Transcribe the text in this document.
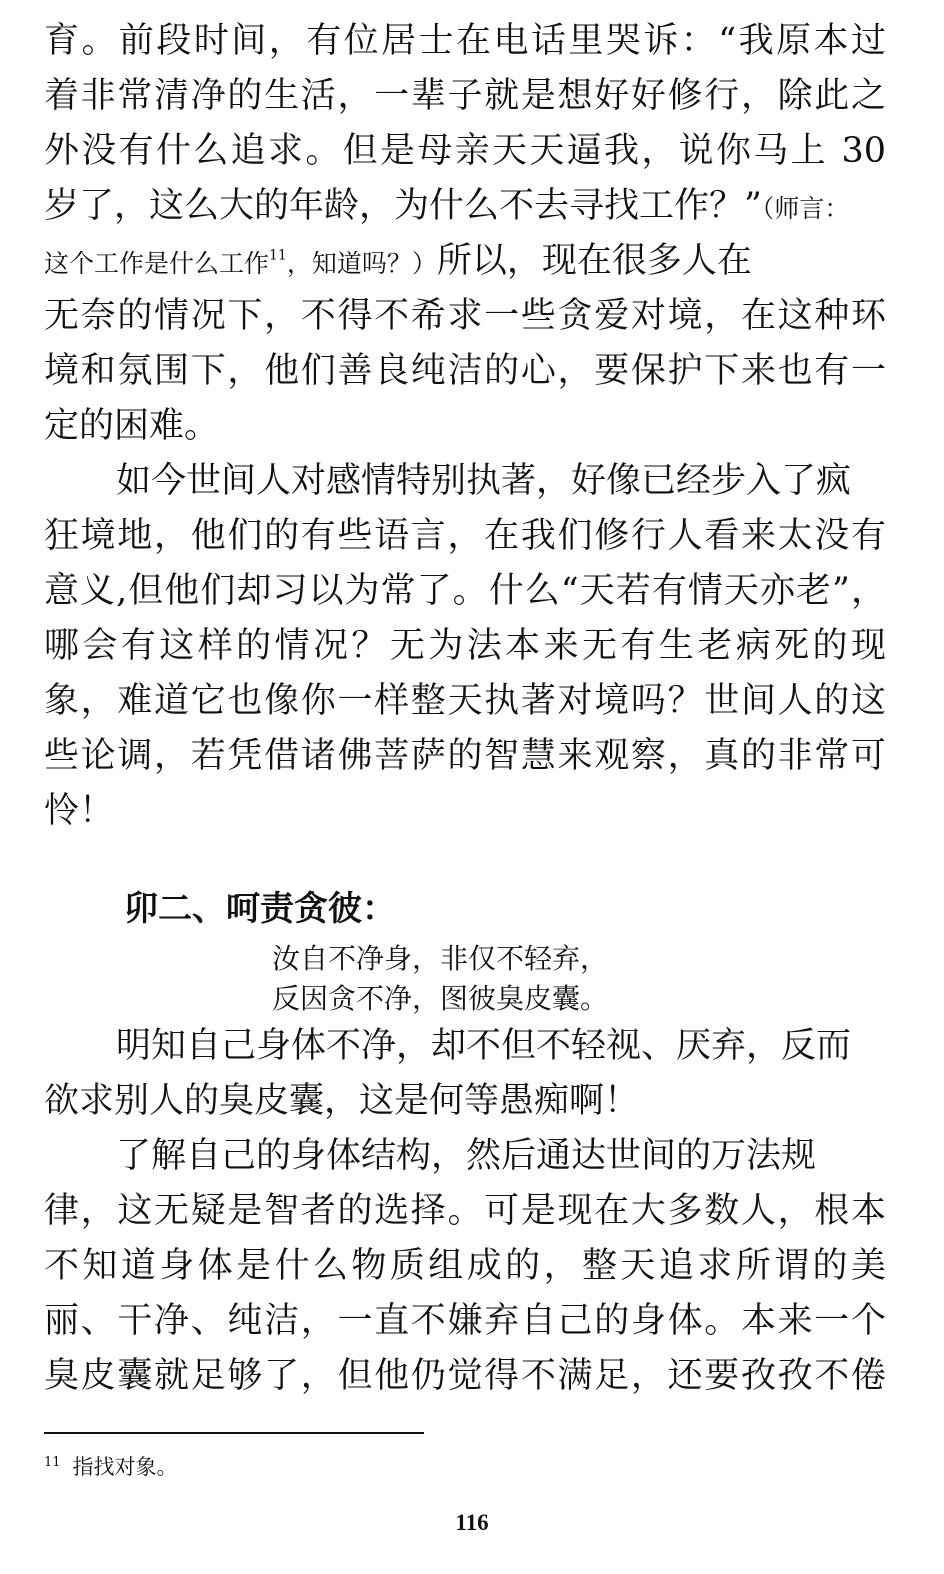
育。前段时间，有位居士在电话里哭诉：“我原本过
着非常清净的生活，一辈子就是想好好修行，除此之
外没有什么追求。但是母亲天天逼我，说你马上 30
岁了，这么大的年龄，为什么不去寻找工作？”（师言：
这个工作是什么工作$^{11}$，知道吗？）所以，现在很多人在
无奈的情况下，不得不希求一些贪爱对境，在这种环
境和氛围下，他们善良纯洁的心，要保护下来也有一
定的困难。
如今世间人对感情特别执著，好像已经步入了疯
狂境地，他们的有些语言，在我们修行人看来太没有
意义,但他们却习以为常了。什么“天若有情天亦老”，
哪会有这样的情况？无为法本来无有生老病死的现
象，难道它也像你一样整天执著对境吗？世间人的这
些论调，若凭借诸佛菩萨的智慧来观察，真的非常可
怜！
卯二、呵责贪彼：
汝自不净身，非仅不轻弃，
反因贪不净，图彼臭皮囊。
明知自己身体不净，却不但不轻视、厌弃，反而
欲求别人的臭皮囊，这是何等愚痴啊！
了解自己的身体结构，然后通达世间的万法规
律，这无疑是智者的选择。可是现在大多数人，根本
不知道身体是什么物质组成的，整天追求所谓的美
丽、干净、纯洁，一直不嫌弃自己的身体。本来一个
臭皮囊就足够了，但他仍觉得不满足，还要孜孜不倦
$^{11}$ 指找对象。
116
